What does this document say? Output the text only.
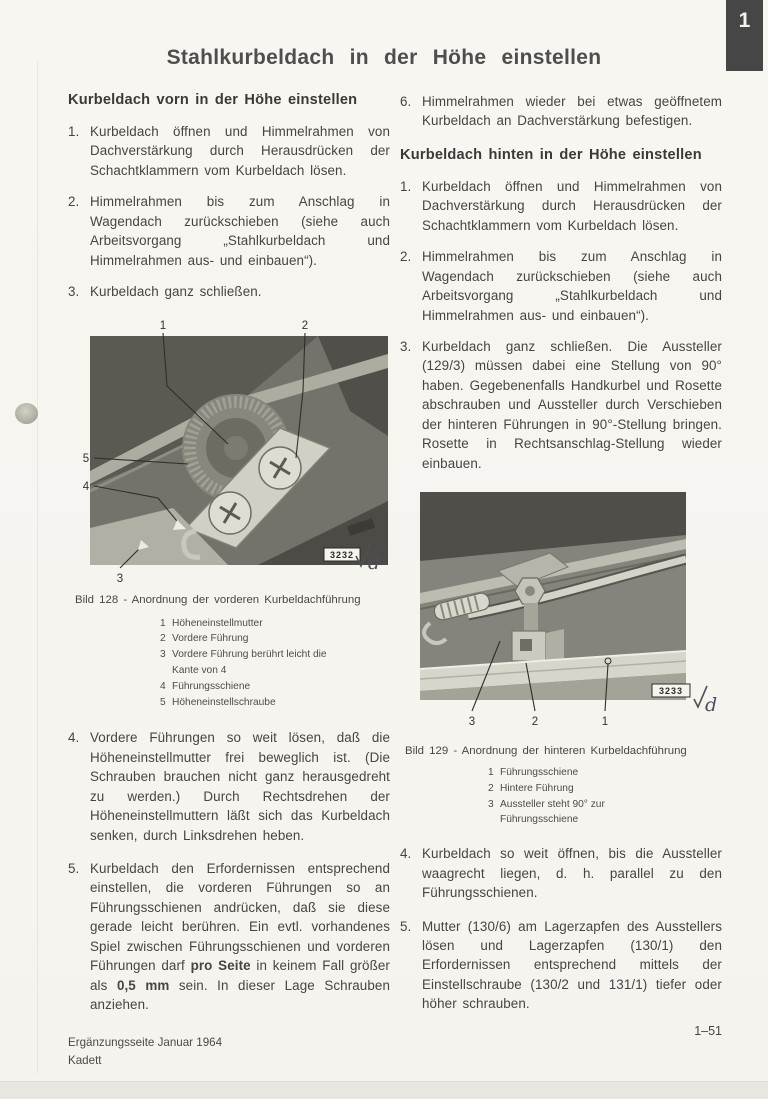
1
Stahlkurbeldach in der Höhe einstellen
Kurbeldach vorn in der Höhe einstellen
1. Kurbeldach öffnen und Himmelrahmen von Dachverstärkung durch Herausdrücken der Schachtklammern vom Kurbeldach lösen.
2. Himmelrahmen bis zum Anschlag in Wagendach zurückschieben (siehe auch Arbeitsvorgang „Stahlkurbeldach und Himmelrahmen aus- und einbauen“).
3. Kurbeldach ganz schließen.
1	2
5
4
3
3232 d
Bild 128 - Anordnung der vorderen Kurbeldachführung
1 Höheneinstellmutter
2 Vordere Führung
3 Vordere Führung berührt leicht die Kante von 4
4 Führungsschiene
5 Höheneinstellschraube
4. Vordere Führungen so weit lösen, daß die Höheneinstellmutter frei beweglich ist. (Die Schrauben brauchen nicht ganz herausgedreht zu werden.) Durch Rechtsdrehen der Höheneinstellmuttern läßt sich das Kurbeldach senken, durch Linksdrehen heben.
5. Kurbeldach den Erfordernissen entsprechend einstellen, die vorderen Führungen so an Führungsschienen andrücken, daß sie diese gerade leicht berühren. Ein evtl. vorhandenes Spiel zwischen Führungsschienen und vorderen Führungen darf pro Seite in keinem Fall größer als 0,5 mm sein. In dieser Lage Schrauben anziehen.
6. Himmelrahmen wieder bei etwas geöffnetem Kurbeldach an Dachverstärkung befestigen.
Kurbeldach hinten in der Höhe einstellen
1. Kurbeldach öffnen und Himmelrahmen von Dachverstärkung durch Herausdrücken der Schachtklammern vom Kurbeldach lösen.
2. Himmelrahmen bis zum Anschlag in Wagendach zurückschieben (siehe auch Arbeitsvorgang „Stahlkurbeldach und Himmelrahmen aus- und einbauen“).
3. Kurbeldach ganz schließen. Die Aussteller (129/3) müssen dabei eine Stellung von 90° haben. Gegebenenfalls Handkurbel und Rosette abschrauben und Aussteller durch Verschieben der hinteren Führungen in 90°-Stellung bringen. Rosette in Rechtsanschlag-Stellung wieder einbauen.
3	2	1
3233
d
Bild 129 - Anordnung der hinteren Kurbeldachführung
1 Führungsschiene
2 Hintere Führung
3 Aussteller steht 90° zur Führungsschiene
4. Kurbeldach so weit öffnen, bis die Aussteller waagrecht liegen, d. h. parallel zu den Führungsschienen.
5. Mutter (130/6) am Lagerzapfen des Ausstellers lösen und Lagerzapfen (130/1) den Erfordernissen entsprechend mittels der Einstellschraube (130/2 und 131/1) tiefer oder höher schrauben.
Ergänzungsseite Januar 1964
Kadett
1–51
